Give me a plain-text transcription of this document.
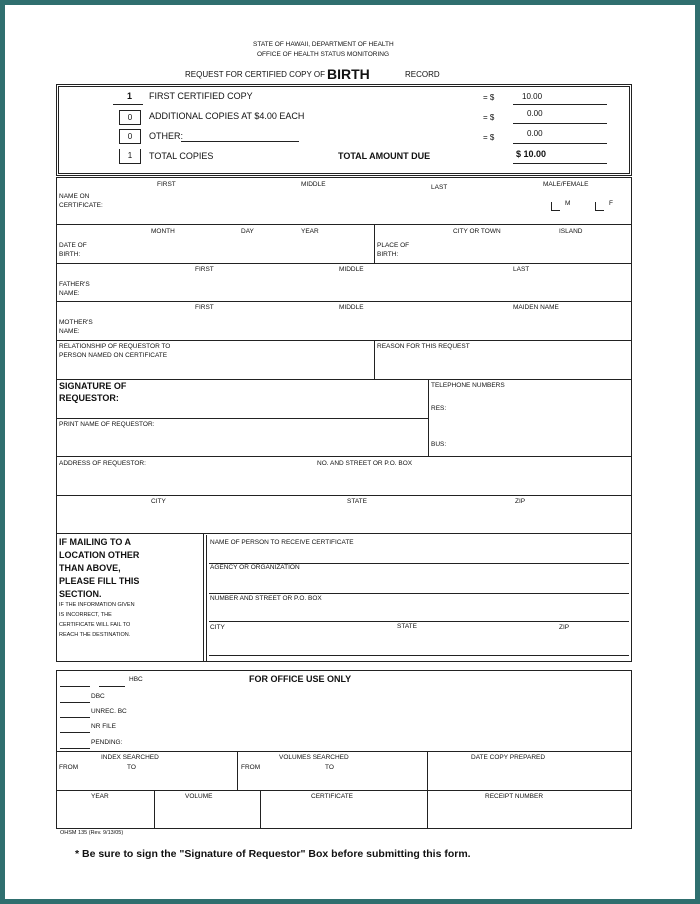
STATE OF HAWAII, DEPARTMENT OF HEALTH
OFFICE OF HEALTH STATUS MONITORING
REQUEST FOR CERTIFIED COPY OF BIRTH	RECORD
1 FIRST CERTIFIED COPY	= $	10.00
0	ADDITIONAL COPIES AT $4.00 EACH	= $	0.00
0	OTHER:	= $	0.00
1	TOTAL COPIES	TOTAL AMOUNT DUE	$ 10.00
FIRST	MIDDLE	LAST	MALE/FEMALE
NAME ON
CERTIFICATE:	M	F
MONTH	DAY	YEAR
DATE OF
BIRTH:
CITY OR TOWN	ISLAND
PLACE OF
BIRTH:
FIRST	MIDDLE	LAST
FATHER'S
NAME:
FIRST	MIDDLE	MAIDEN NAME
MOTHER'S
NAME:
RELATIONSHIP OF REQUESTOR TO
PERSON NAMED ON CERTIFICATE
REASON FOR THIS REQUEST
SIGNATURE OF
REQUESTOR:
TELEPHONE NUMBERS
RES:
BUS:
PRINT NAME OF REQUESTOR:
ADDRESS OF REQUESTOR:	NO. AND STREET OR P.O. BOX
CITY	STATE	ZIP
IF MAILING TO A
LOCATION OTHER
THAN ABOVE,
PLEASE FILL THIS
SECTION.
IF THE INFORMATION GIVEN
IS INCORRECT, THE
CERTIFICATE WILL FAIL TO
REACH THE DESTINATION.
NAME OF PERSON TO RECEIVE CERTIFICATE
AGENCY OR ORGANIZATION
NUMBER AND STREET OR P.O. BOX
CITY	STATE	ZIP
FOR OFFICE USE ONLY
HBC
DBC
UNREC. BC
NR FILE
PENDING:
INDEX SEARCHED
FROM	TO
VOLUMES SEARCHED
FROM	TO
DATE COPY PREPARED
YEAR	VOLUME	CERTIFICATE	RECEIPT NUMBER
OHSM 135 (Rev. 9/13/05)
* Be sure to sign the "Signature of Requestor" Box before submitting this form.
